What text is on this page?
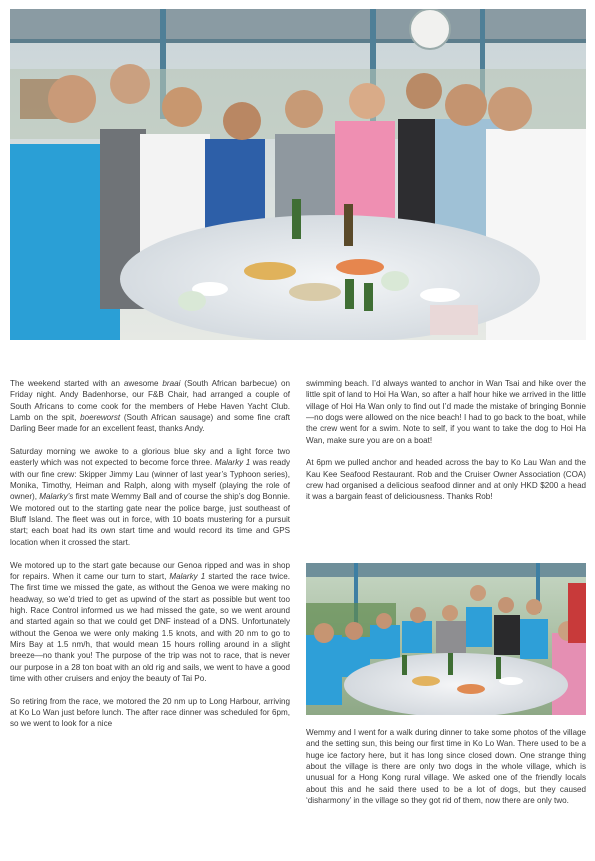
The weekend started with an awesome braai (South African barbecue) on Friday night. Andy Badenhorse, our F&B Chair, had arranged a couple of South Africans to come cook for the members of Hebe Haven Yacht Club. Lamb on the spit, boereworst (South African sausage) and some fine craft Darling Beer made for an excellent feast, thanks Andy.

Saturday morning we awoke to a glorious blue sky and a light force two easterly which was not expected to become force three. Malarky 1 was ready with our fine crew: Skipper Jimmy Lau (winner of last year’s Typhoon series), Monika, Timothy, Heiman and Ralph, along with myself (playing the role of owner), Malarky’s first mate Wemmy Ball and of course the ship’s dog Bonnie. We motored out to the starting gate near the police barge, just southeast of Bluff Island. The fleet was out in force, with 10 boats mustering for a pursuit start; each boat had its own start time and would record its time and GPS location when it crossed the start.

We motored up to the start gate because our Genoa ripped and was in shop for repairs. When it came our turn to start, Malarky 1 started the race twice. The first time we missed the gate, as without the Genoa we were making no headway, so we’d tried to get as upwind of the start as possible but went too high. Race Control informed us we had missed the gate, so we went around and started again so that we could get DNF instead of a DNS. Unfortunately without the Genoa we were only making 1.5 knots, and with 20 nm to go to Mirs Bay at 1.5 nm/h, that would mean 15 hours rolling around in a slight breeze—no thank you! The purpose of the trip was not to race, that is never our purpose in a 28 ton boat with an old rig and sails, we went to have a good time with other cruisers and enjoy the beauty of Tai Po.

So retiring from the race, we motored the 20 nm up to Long Harbour, arriving at Ko Lo Wan just before lunch. The after race dinner was scheduled for 6pm, so we went to look for a nice

swimming beach. I’d always wanted to anchor in Wan Tsai and hike over the little spit of land to Hoi Ha Wan, so after a half hour hike we arrived in the little village of Hoi Ha Wan only to find out I’d made the mistake of bringing Bonnie—no dogs were allowed on the nice beach! I had to go back to the boat, while the crew went for a swim. Note to self, if you want to take the dog to Hoi Ha Wan, make sure you are on a boat!

At 6pm we pulled anchor and headed across the bay to Ko Lau Wan and the Kau Kee Seafood Restaurant. Rob and the Cruiser Owner Association (COA) crew had organised a delicious seafood dinner and at only HKD $200 a head it was a bargain feast of deliciousness. Thanks Rob!

Wemmy and I went for a walk during dinner to take some photos of the village and the setting sun, this being our first time in Ko Lo Wan. There used to be a huge ice factory here, but it has long since closed down. One strange thing about the village is there are only two dogs in the whole village, which is unusual for a Hong Kong rural village. We asked one of the friendly locals about this and he said there used to be a lot of dogs, but they caused ‘disharmony’ in the village so they got rid of them, now there are only two.
